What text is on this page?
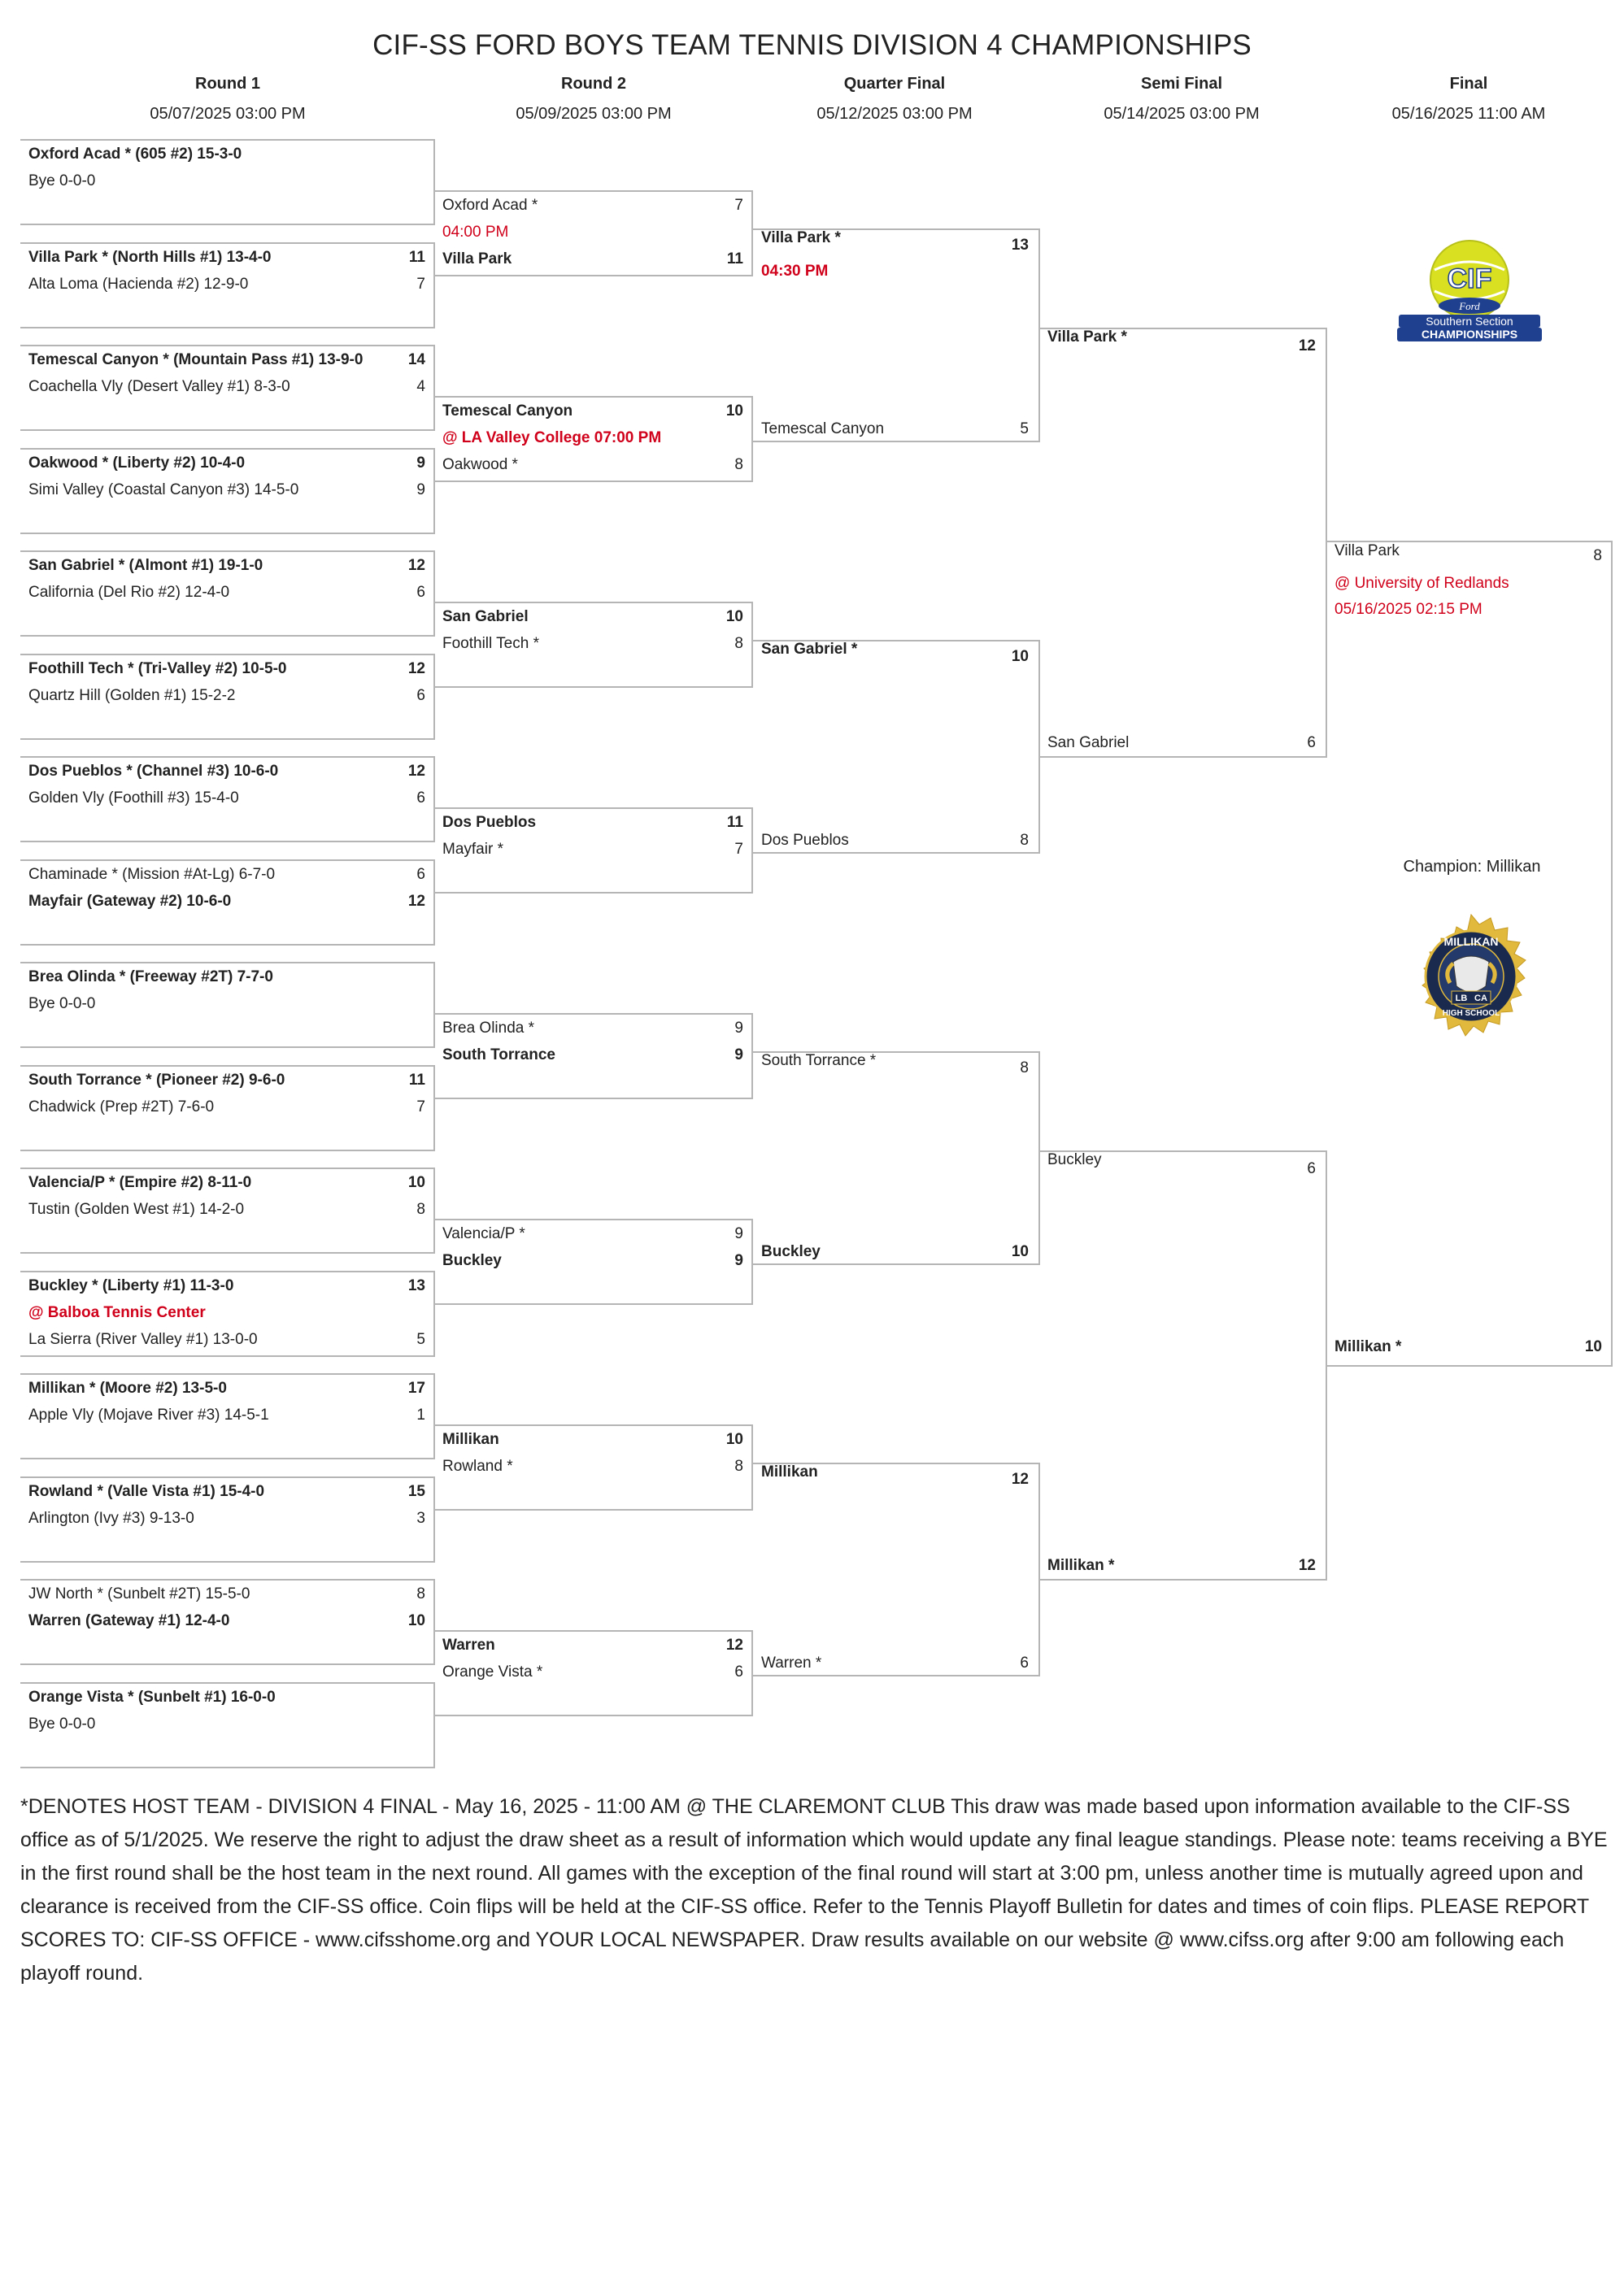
CIF-SS FORD BOYS TEAM TENNIS DIVISION 4 CHAMPIONSHIPS
Round 1
05/07/2025 03:00 PM
Round 2
05/09/2025 03:00 PM
Quarter Final
05/12/2025 03:00 PM
Semi Final
05/14/2025 03:00 PM
Final
05/16/2025 11:00 AM
Oxford Acad * (605 #2) 15-3-0
Bye 0-0-0
Villa Park * (North Hills #1) 13-4-0	11
Alta Loma (Hacienda #2) 12-9-0	7
Temescal Canyon * (Mountain Pass #1) 13-9-0	14
Coachella Vly (Desert Valley #1) 8-3-0	4
Oakwood * (Liberty #2) 10-4-0	9
Simi Valley (Coastal Canyon #3) 14-5-0	9
San Gabriel * (Almont #1) 19-1-0	12
California (Del Rio #2) 12-4-0	6
Foothill Tech * (Tri-Valley #2) 10-5-0	12
Quartz Hill (Golden #1) 15-2-2	6
Dos Pueblos * (Channel #3) 10-6-0	12
Golden Vly (Foothill #3) 15-4-0	6
Chaminade * (Mission #At-Lg) 6-7-0	6
Mayfair (Gateway #2) 10-6-0	12
Brea Olinda * (Freeway #2T) 7-7-0
Bye 0-0-0
South Torrance * (Pioneer #2) 9-6-0	11
Chadwick (Prep #2T) 7-6-0	7
Valencia/P * (Empire #2) 8-11-0	10
Tustin (Golden West #1) 14-2-0	8
Buckley * (Liberty #1) 11-3-0	13
@ Balboa Tennis Center
La Sierra (River Valley #1) 13-0-0	5
Millikan * (Moore #2) 13-5-0	17
Apple Vly (Mojave River #3) 14-5-1	1
Rowland * (Valle Vista #1) 15-4-0	15
Arlington (Ivy #3) 9-13-0	3
JW North * (Sunbelt #2T) 15-5-0	8
Warren (Gateway #1) 12-4-0	10
Orange Vista * (Sunbelt #1) 16-0-0
Bye 0-0-0
Oxford Acad *	7
04:00 PM
Villa Park	11
Temescal Canyon	10
@ LA Valley College 07:00 PM
Oakwood *	8
San Gabriel	10
Foothill Tech *	8
Dos Pueblos	11
Mayfair *	7
Brea Olinda *	9
South Torrance	9
Valencia/P *	9
Buckley	9
Millikan	10
Rowland *	8
Warren	12
Orange Vista *	6
Villa Park *	13
04:30 PM
Temescal Canyon	5
San Gabriel *	10
Dos Pueblos	8
South Torrance *	8
Buckley	10
Millikan	12
Warren *	6
Villa Park *
12
San Gabriel	6
Buckley
6
Millikan *	12
Villa Park	8
@ University of Redlands
05/16/2025 02:15 PM
Millikan *	10
CIF
Ford
Southern Section
CHAMPIONSHIPS
Champion: Millikan
MILLIKAN
LB CA
HIGH SCHOOL
*DENOTES HOST TEAM - DIVISION 4 FINAL - May 16, 2025 - 11:00 AM @ THE CLAREMONT CLUB This draw was made based upon information available to the CIF-SS office as of 5/1/2025. We reserve the right to adjust the draw sheet as a result of information which would update any final league standings. Please note: teams receiving a BYE in the first round shall be the host team in the next round. All games with the exception of the final round will start at 3:00 pm, unless another time is mutually agreed upon and clearance is received from the CIF-SS office. Coin flips will be held at the CIF-SS office. Refer to the Tennis Playoff Bulletin for dates and times of coin flips. PLEASE REPORT SCORES TO: CIF-SS OFFICE - www.cifsshome.org and YOUR LOCAL NEWSPAPER. Draw results available on our website @ www.cifss.org after 9:00 am following each playoff round.
